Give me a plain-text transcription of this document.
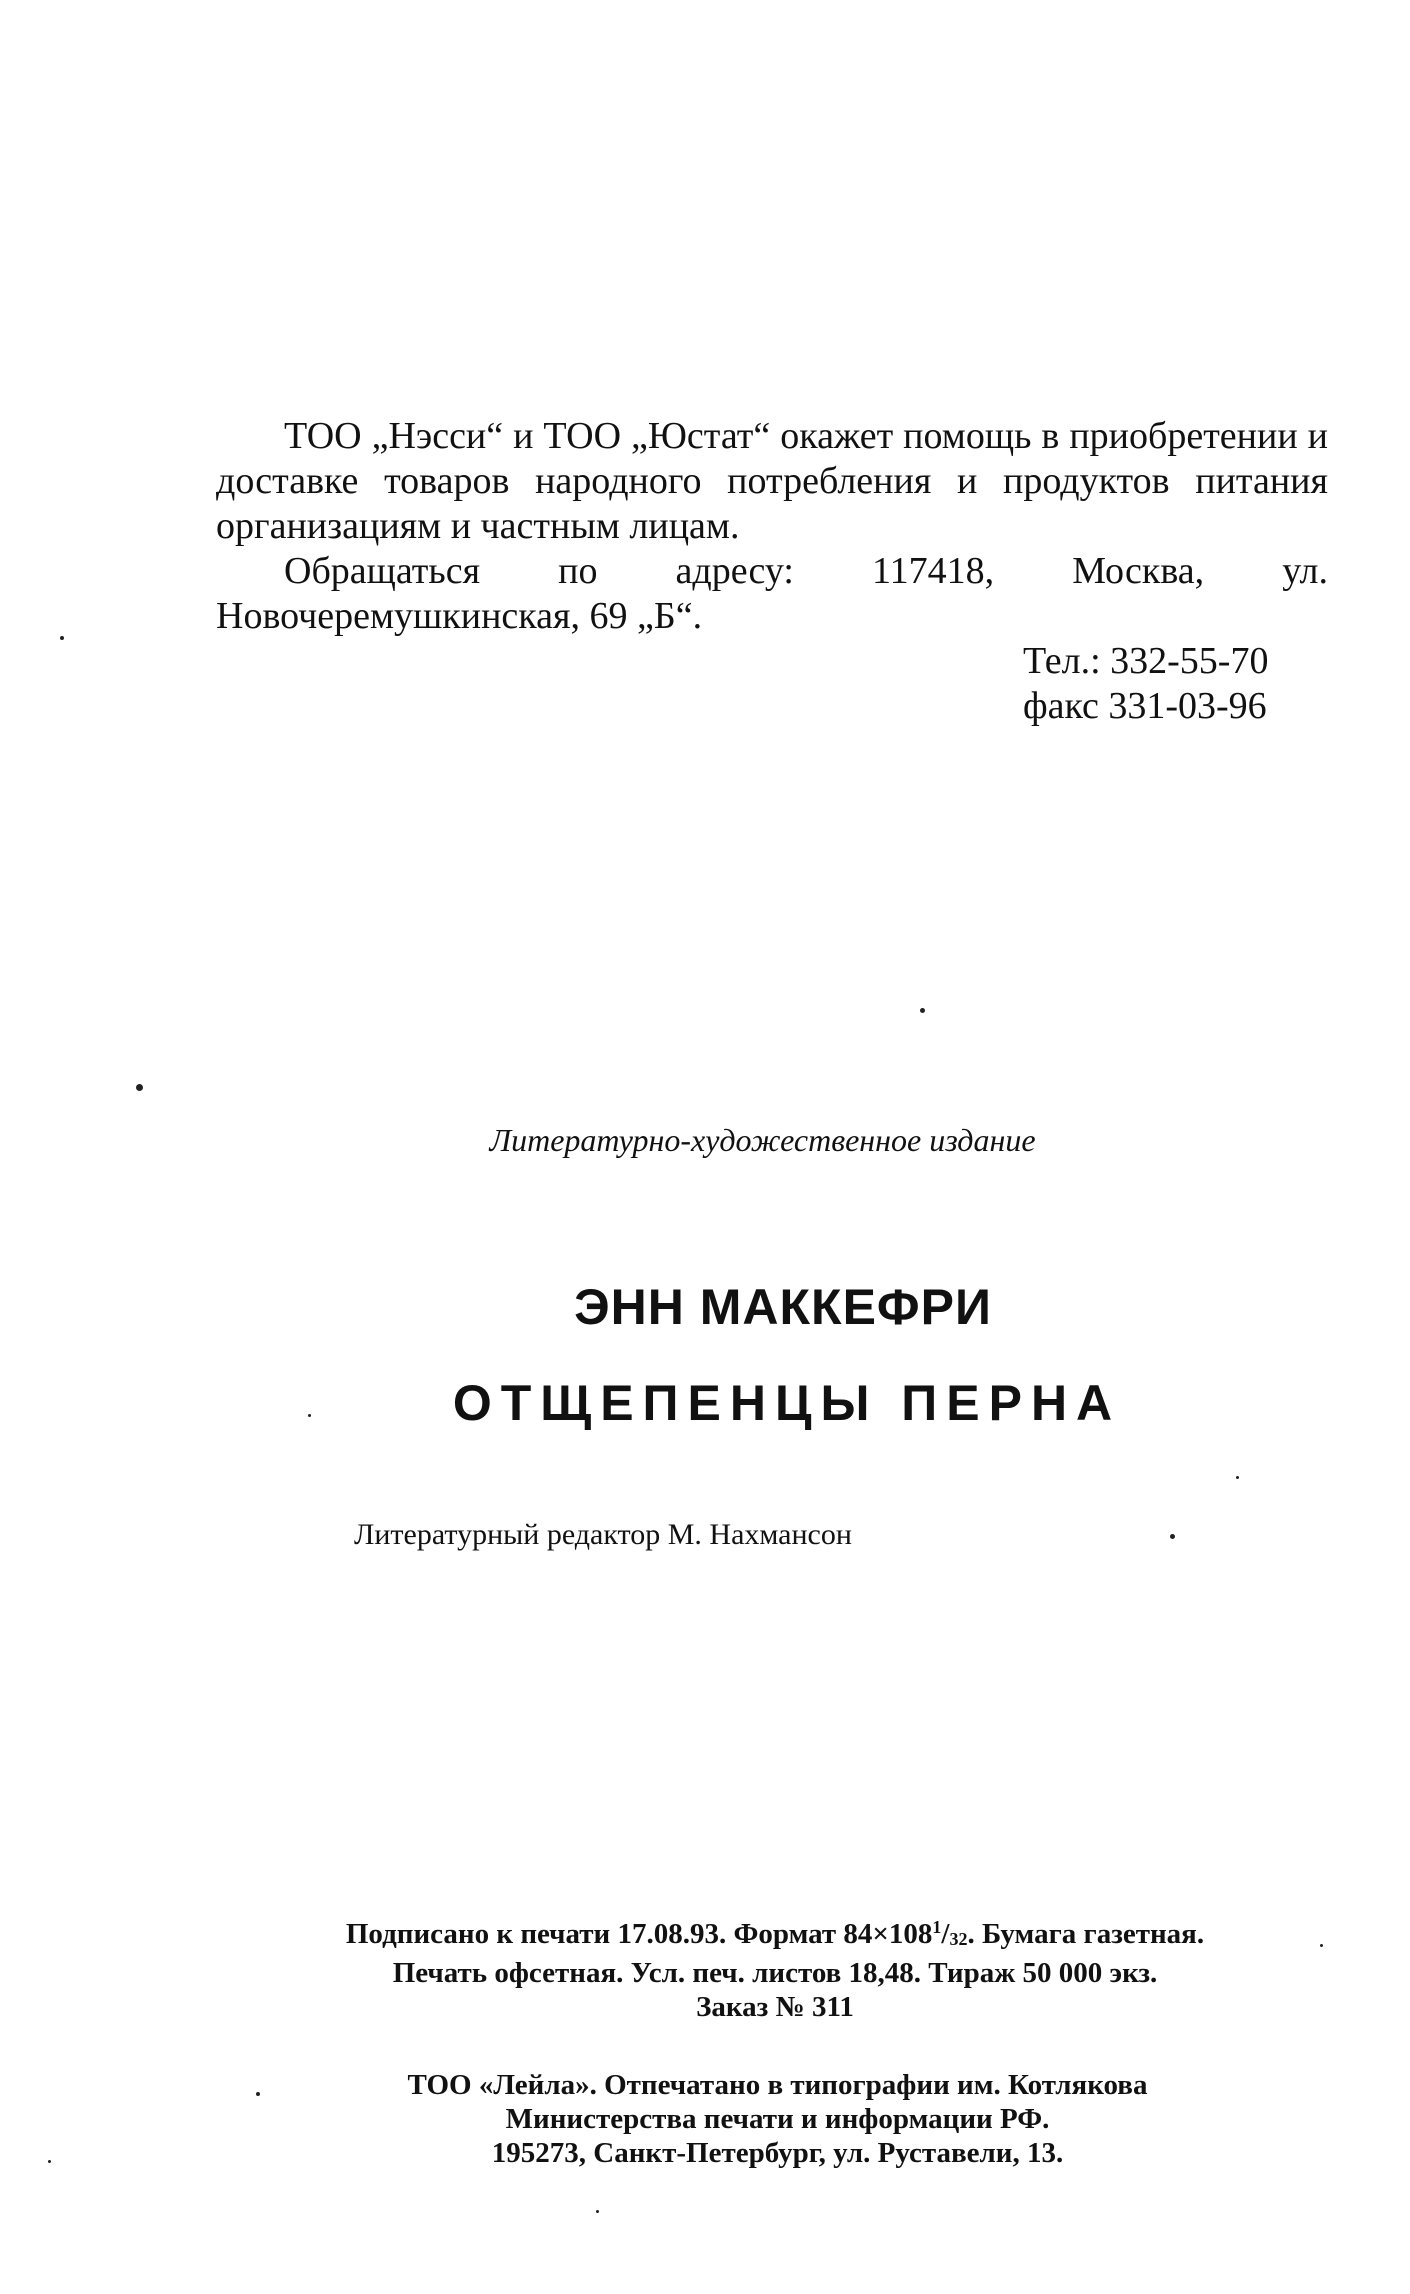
ТОО „Нэсси“ и ТОО „Юстат“ окажет помощь в приобретении и доставке товаров народного потребления и продуктов питания организациям и частным лицам.

Обращаться по адресу: 117418, Москва, ул. Новочеремушкинская, 69 „Б“.

Тел.: 332-55-70
факс 331-03-96
Литературно-художественное издание
ЭНН МАККЕФРИ
ОТЩЕПЕНЦЫ ПЕРНА
Литературный редактор М. Нахмансон
Подписано к печати 17.08.93. Формат $84\times 108^1/_{32}$. Бумага газетная.
Печать офсетная. Усл. печ. листов 18,48. Тираж 50 000 экз.
Заказ № 311
ТОО «Лейла». Отпечатано в типографии им. Котлякова
Министерства печати и информации РФ.
195273, Санкт-Петербург, ул. Руставели, 13.
